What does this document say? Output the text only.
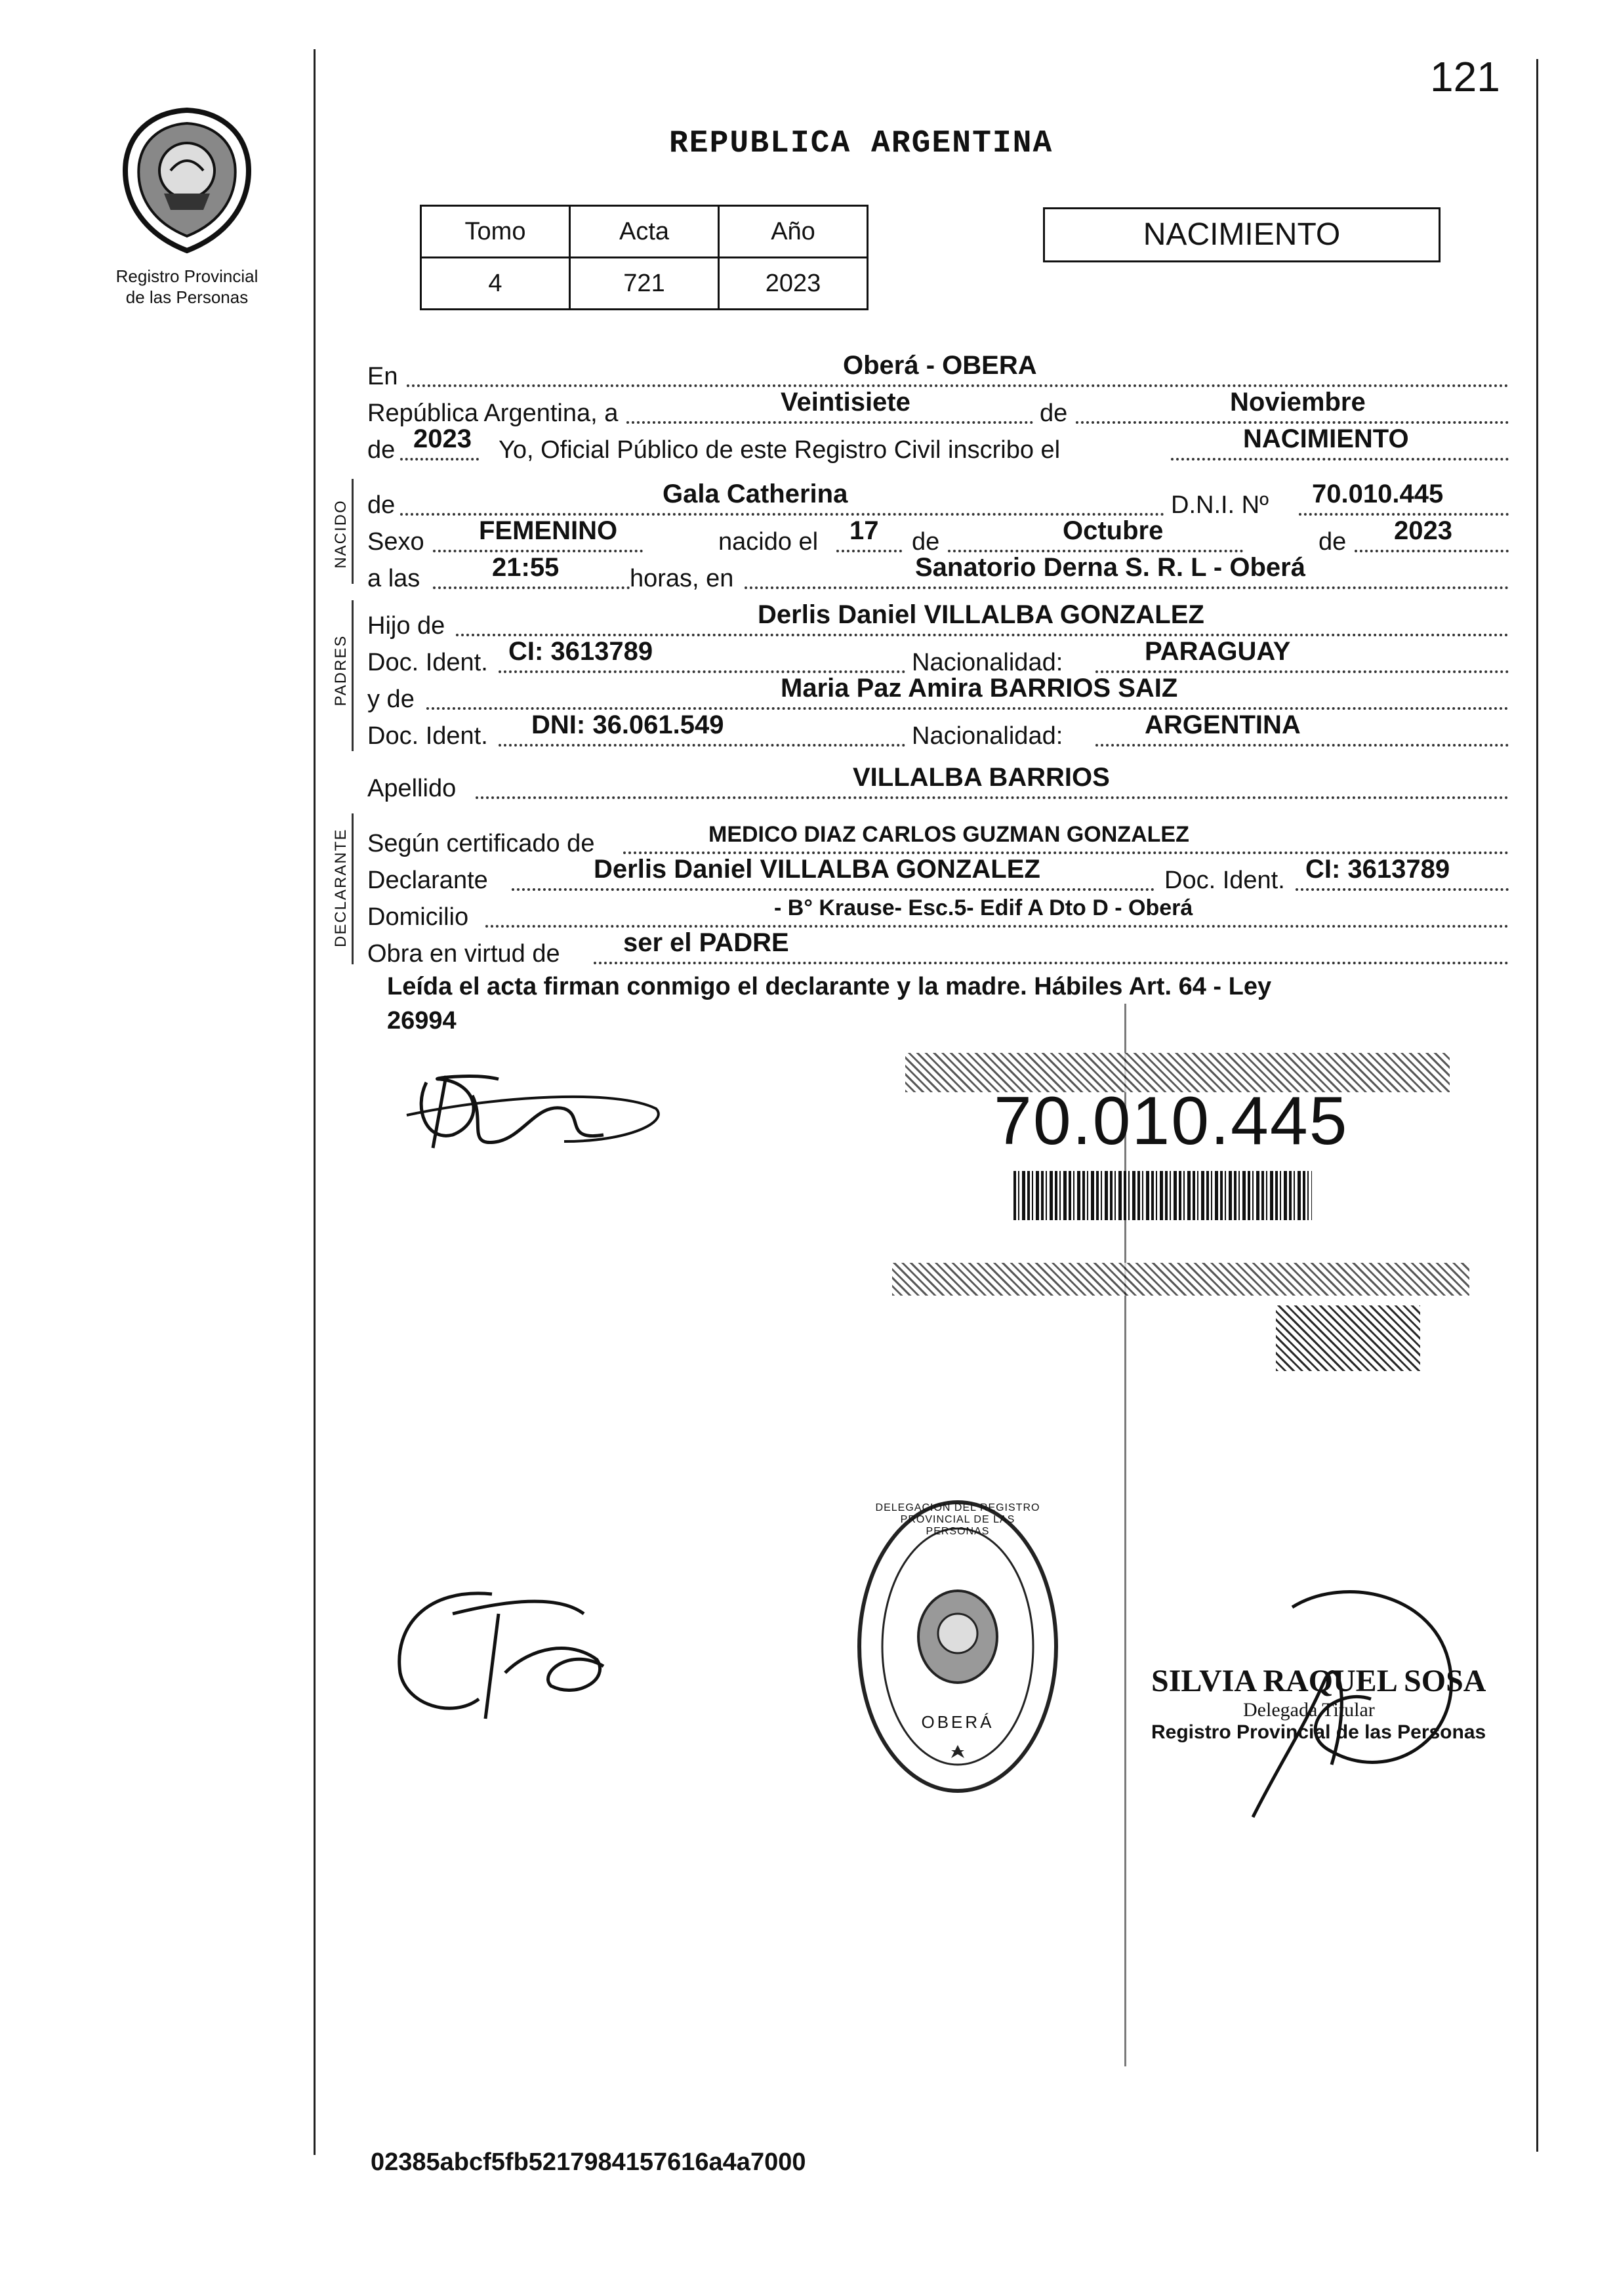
121
Registro Provincial
de las Personas
REPUBLICA ARGENTINA
Tomo	Acta	Año
4	721	2023
NACIMIENTO
NACIDO
PADRES
DECLARANTE
En	Oberá - OBERA
República Argentina, a	Veintisiete	de	Noviembre
de 2023 Yo, Oficial Público de este Registro Civil inscribo el	NACIMIENTO
de	Gala Catherina	D.N.I. Nº 70.010.445
Sexo FEMENINO	nacido el 17 de	Octubre	de 2023
a las	21:55	horas, en	Sanatorio Derna S. R. L - Oberá
Hijo de	Derlis Daniel VILLALBA GONZALEZ
Doc. Ident. CI: 3613789	Nacionalidad:	PARAGUAY
y de	Maria Paz Amira BARRIOS SAIZ
Doc. Ident. DNI: 36.061.549	Nacionalidad:	ARGENTINA
Apellido	VILLALBA BARRIOS
Según certificado de	MEDICO DIAZ CARLOS GUZMAN GONZALEZ
Declarante	Derlis Daniel VILLALBA GONZALEZ	Doc. Ident. CI: 3613789
Domicilio	- B° Krause- Esc.5- Edif A Dto D - Oberá
Obra en virtud de ser el PADRE
Leída el acta firman conmigo el declarante y la madre. Hábiles Art. 64 - Ley
26994
70.010.445
DELEGACION DEL REGISTRO PROVINCIAL DE LAS PERSONAS
OBERÁ
SILVIA RAQUEL SOSA
Delegada Titular
Registro Provincial de las Personas
02385abcf5fb5217984157616a4a7000
